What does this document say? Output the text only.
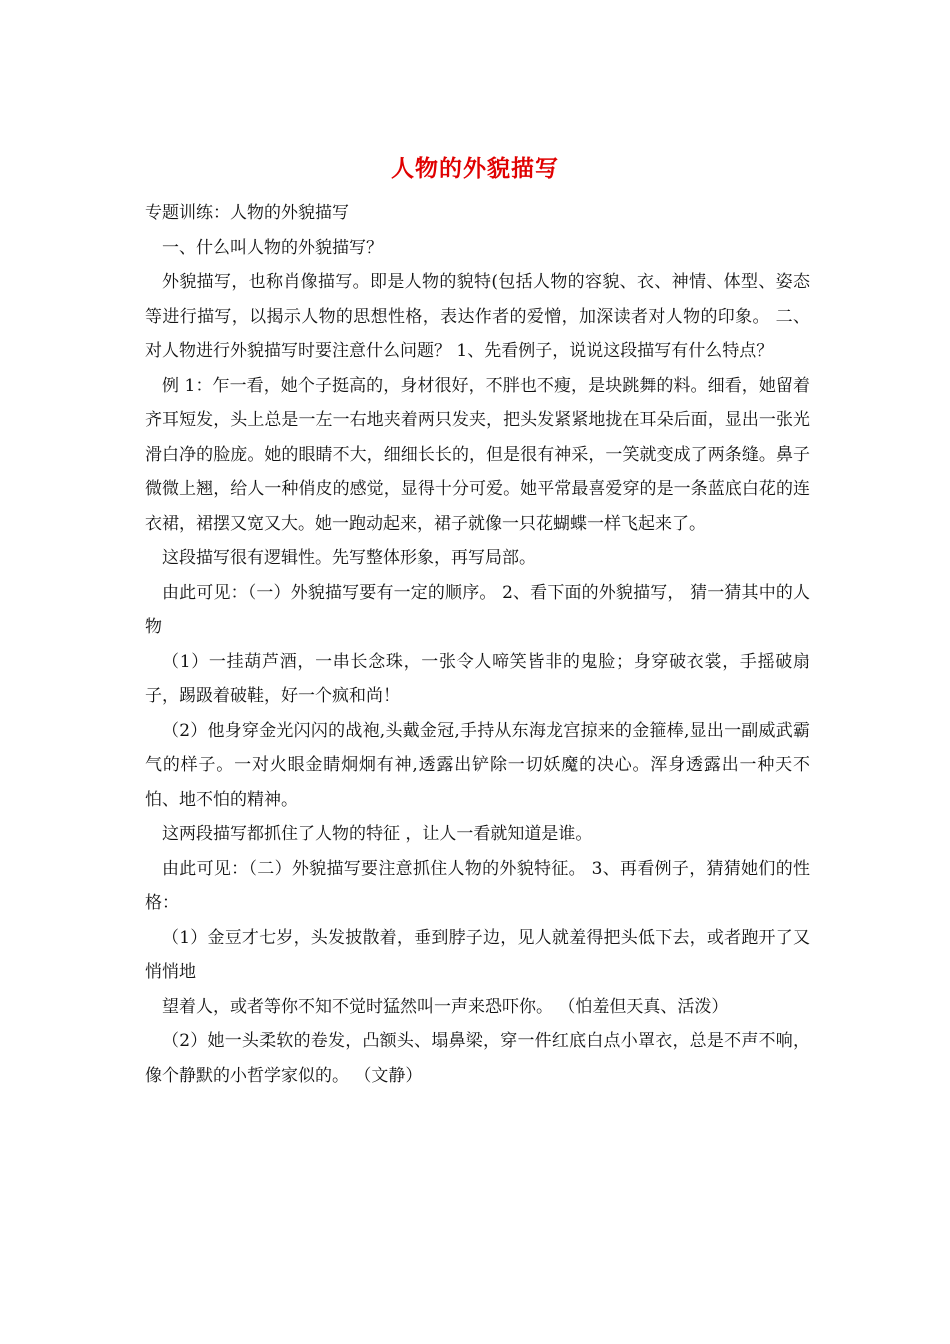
人物的外貌描写

专题训练：人物的外貌描写

一、什么叫人物的外貌描写？

外貌描写，也称肖像描写。即是人物的貌特(包括人物的容貌、衣、神情、体型、姿态等进行描写，以揭示人物的思想性格，表达作者的爱憎，加深读者对人物的印象。 二、对人物进行外貌描写时要注意什么问题？ 1、先看例子，说说这段描写有什么特点？

例 1：乍一看，她个子挺高的，身材很好，不胖也不瘦，是块跳舞的料。细看，她留着齐耳短发，头上总是一左一右地夹着两只发夹，把头发紧紧地拢在耳朵后面，显出一张光滑白净的脸庞。她的眼睛不大，细细长长的，但是很有神采，一笑就变成了两条缝。鼻子微微上翘，给人一种俏皮的感觉，显得十分可爱。她平常最喜爱穿的是一条蓝底白花的连衣裙，裙摆又宽又大。她一跑动起来，裙子就像一只花蝴蝶一样飞起来了。

这段描写很有逻辑性。先写整体形象，再写局部。

由此可见：（一）外貌描写要有一定的顺序。 2、看下面的外貌描写， 猜一猜其中的人物

（1）一挂葫芦酒，一串长念珠，一张令人啼笑皆非的鬼脸；身穿破衣裳，手摇破扇子，踢趿着破鞋，好一个疯和尚！

（2）他身穿金光闪闪的战袍,头戴金冠,手持从东海龙宫掠来的金箍棒,显出一副威武霸气的样子。一对火眼金睛炯炯有神,透露出铲除一切妖魔的决心。浑身透露出一种天不怕、地不怕的精神。

这两段描写都抓住了人物的特征 ，让人一看就知道是谁。

由此可见：（二）外貌描写要注意抓住人物的外貌特征。 3、再看例子，猜猜她们的性格：

（1）金豆才七岁，头发披散着，垂到脖子边，见人就羞得把头低下去，或者跑开了又悄悄地

望着人，或者等你不知不觉时猛然叫一声来恐吓你。 （怕羞但天真、活泼）

（2）她一头柔软的卷发，凸额头、塌鼻梁，穿一件红底白点小罩衣，总是不声不响，像个静默的小哲学家似的。 （文静）
